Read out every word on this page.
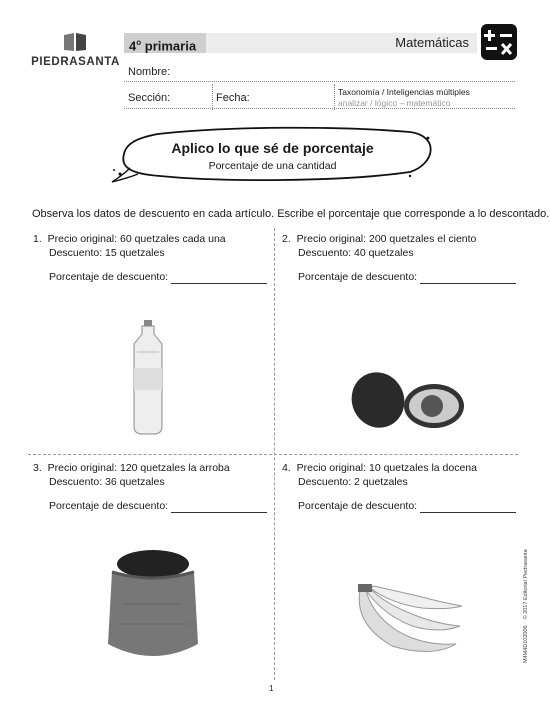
PIEDRASANTA
4$^o$ primaria	Matemáticas
Nombre:
Sección:	Fecha:	Taxonomía / Inteligencias múltiples
analizar / lógico – matemático
Aplico lo que sé de porcentaje
Porcentaje de una cantidad
Observa los datos de descuento en cada artículo. Escribe el porcentaje que corresponde a lo descontado.
1. Precio original: 60 quetzales cada una
Descuento: 15 quetzales
Porcentaje de descuento:
2. Precio original: 200 quetzales el ciento
Descuento: 40 quetzales
Porcentaje de descuento:
3. Precio original: 120 quetzales la arroba
Descuento: 36 quetzales
Porcentaje de descuento:
4. Precio original: 10 quetzales la docena
Descuento: 2 quetzales
Porcentaje de descuento:
M4M4D102006© 2017 Editorial Piedrasanta
1
